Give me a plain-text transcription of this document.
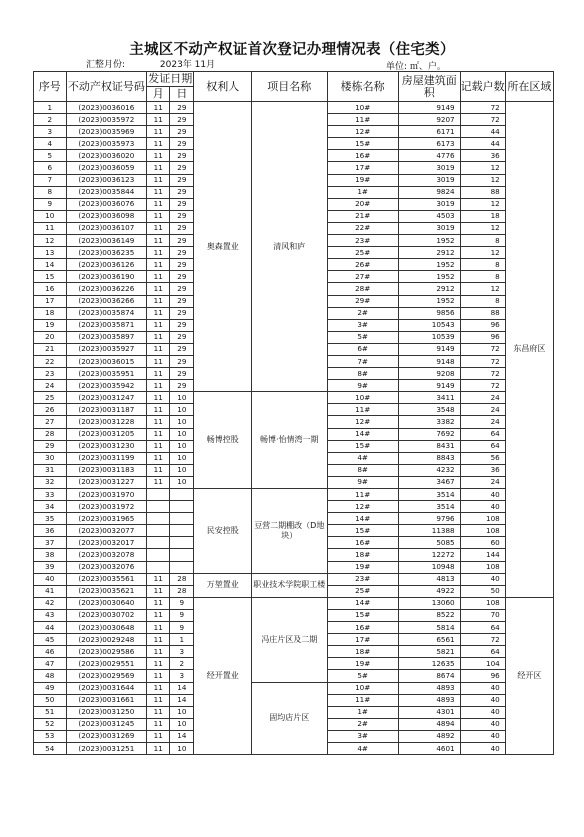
主城区不动产权证首次登记办理情况表（住宅类）
汇整月份:	2023年 11月	单位: ㎡、户。
序号	不动产权证号码	发证日期		权利人	项目名称	楼栋名称	房屋建筑面积	记载户数	所在区域
		月	日						
1	(2023)0036016	11	29	奥森置业	清风和庐	10#	9149	72	东昌府区
2	(2023)0035972	11	29			11#	9207	72	
3	(2023)0035969	11	29			12#	6171	44	
4	(2023)0035973	11	29			15#	6173	44	
5	(2023)0036020	11	29			16#	4776	36	
6	(2023)0036059	11	29			17#	3019	12	
7	(2023)0036123	11	29			19#	3019	12	
8	(2023)0035844	11	29			1#	9824	88	
9	(2023)0036076	11	29			20#	3019	12	
10	(2023)0036098	11	29			21#	4503	18	
11	(2023)0036107	11	29			22#	3019	12	
12	(2023)0036149	11	29			23#	1952	8	
13	(2023)0036235	11	29			25#	2912	12	
14	(2023)0036126	11	29			26#	1952	8	
15	(2023)0036190	11	29			27#	1952	8	
16	(2023)0036226	11	29			28#	2912	12	
17	(2023)0036266	11	29			29#	1952	8	
18	(2023)0035874	11	29			2#	9856	88	
19	(2023)0035871	11	29			3#	10543	96	
20	(2023)0035897	11	29			5#	10539	96	
21	(2023)0035927	11	29			6#	9149	72	
22	(2023)0036015	11	29			7#	9148	72	
23	(2023)0035951	11	29			8#	9208	72	
24	(2023)0035942	11	29			9#	9149	72	
25	(2023)0031247	11	10	畅博控股	畅博·怡情湾一期	10#	3411	24	
26	(2023)0031187	11	10			11#	3548	24	
27	(2023)0031228	11	10			12#	3382	24	
28	(2023)0031205	11	10			14#	7692	64	
29	(2023)0031230	11	10			15#	8431	64	
30	(2023)0031199	11	10			4#	8843	56	
31	(2023)0031183	11	10			8#	4232	36	
32	(2023)0031227	11	10			9#	3467	24	
33	(2023)0031970			民安控股	豆营二期棚改（D地块）	11#	3514	40	
34	(2023)0031972					12#	3514	40	
35	(2023)0031965					14#	9796	108	
36	(2023)0032077					15#	11388	108	
37	(2023)0032017					16#	5085	60	
38	(2023)0032078					18#	12272	144	
39	(2023)0032076					19#	10948	108	
40	(2023)0035561	11	28	万堃置业	职业技术学院职工楼	23#	4813	40	
41	(2023)0035621	11	28			25#	4922	50	
42	(2023)0030640	11	9	经开置业	冯庄片区及二期	14#	13060	108	经开区
43	(2023)0030702	11	9			15#	8522	70	
44	(2023)0030648	11	9			16#	5814	64	
45	(2023)0029248	11	1			17#	6561	72	
46	(2023)0029586	11	3			18#	5821	64	
47	(2023)0029551	11	2			19#	12635	104	
48	(2023)0029569	11	3			5#	8674	96	
49	(2023)0031644	11	14		固均店片区	10#	4893	40	
50	(2023)0031661	11	14			11#	4893	40	
51	(2023)0031250	11	10			1#	4301	40	
52	(2023)0031245	11	10			2#	4894	40	
53	(2023)0031269	11	14			3#	4892	40	
54	(2023)0031251	11	10			4#	4601	40	
